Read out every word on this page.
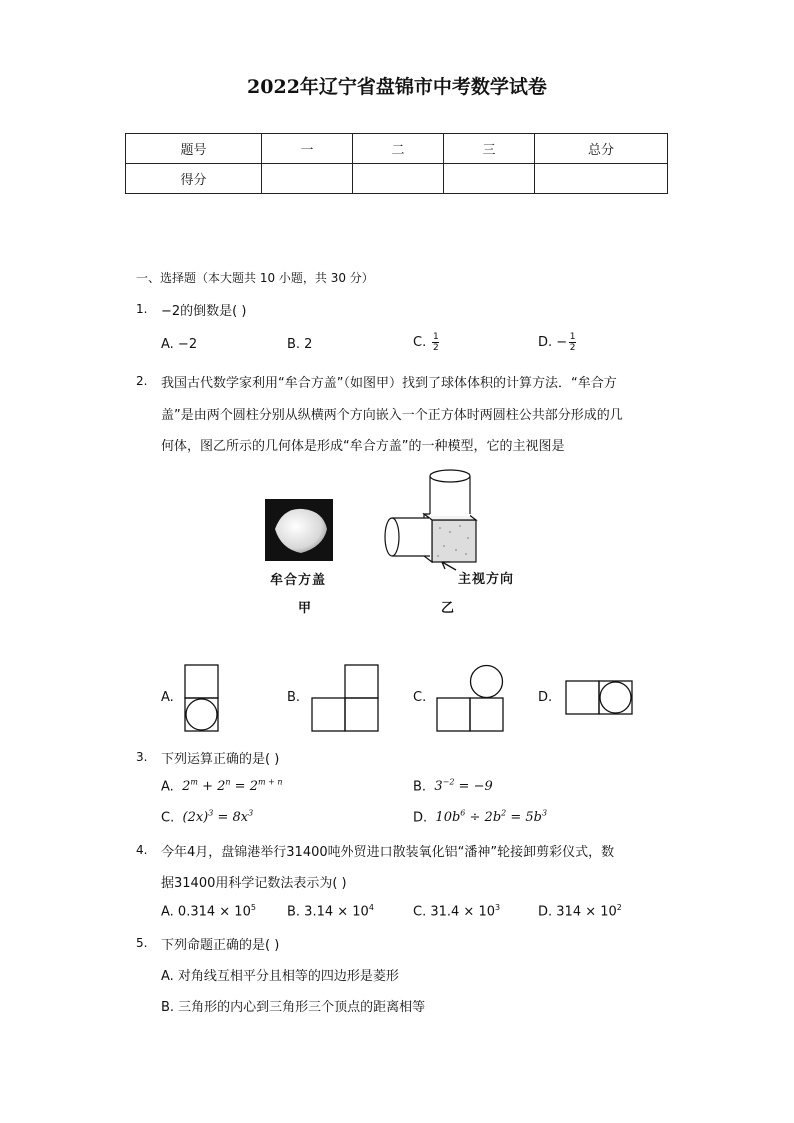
2022年辽宁省盘锦市中考数学试卷
题号	一	二	三	总分
得分				
一、选择题（本大题共 10 小题，共 30 分）
1. −2的倒数是( )
A. −2	B. 2	C. $\frac{1}{2}$	D. − $\frac{1}{2}$
2. 我国古代数学家利用“牟合方盖”（如图甲）找到了球体体积的计算方法．“牟合方
盖”是由两个圆柱分别从纵横两个方向嵌入一个正方体时两圆柱公共部分形成的几
何体，图乙所示的几何体是形成“牟合方盖”的一种模型，它的主视图是
牟合方盖
甲
主视方向
乙
A.	B.	C.	D.
3. 下列运算正确的是( )
A.  $2^m + 2^n = 2^{m + n}$	B.  $3^{-2} = -9$
C.  $(2x)^3 = 8x^3$	D.  $10b^6 \div 2b^2 = 5b^3$
4. 今年4月，盘锦港举行31400吨外贸进口散装氧化铝“潘神”轮接卸剪彩仪式，数
据31400用科学记数法表示为( )
A. $0.314 \times 10^5$ B. $3.14 \times 10^4$	C. $31.4 \times 10^3$	D. $314 \times 10^2$
5. 下列命题正确的是( )
A. 对角线互相平分且相等的四边形是菱形
B. 三角形的内心到三角形三个顶点的距离相等
